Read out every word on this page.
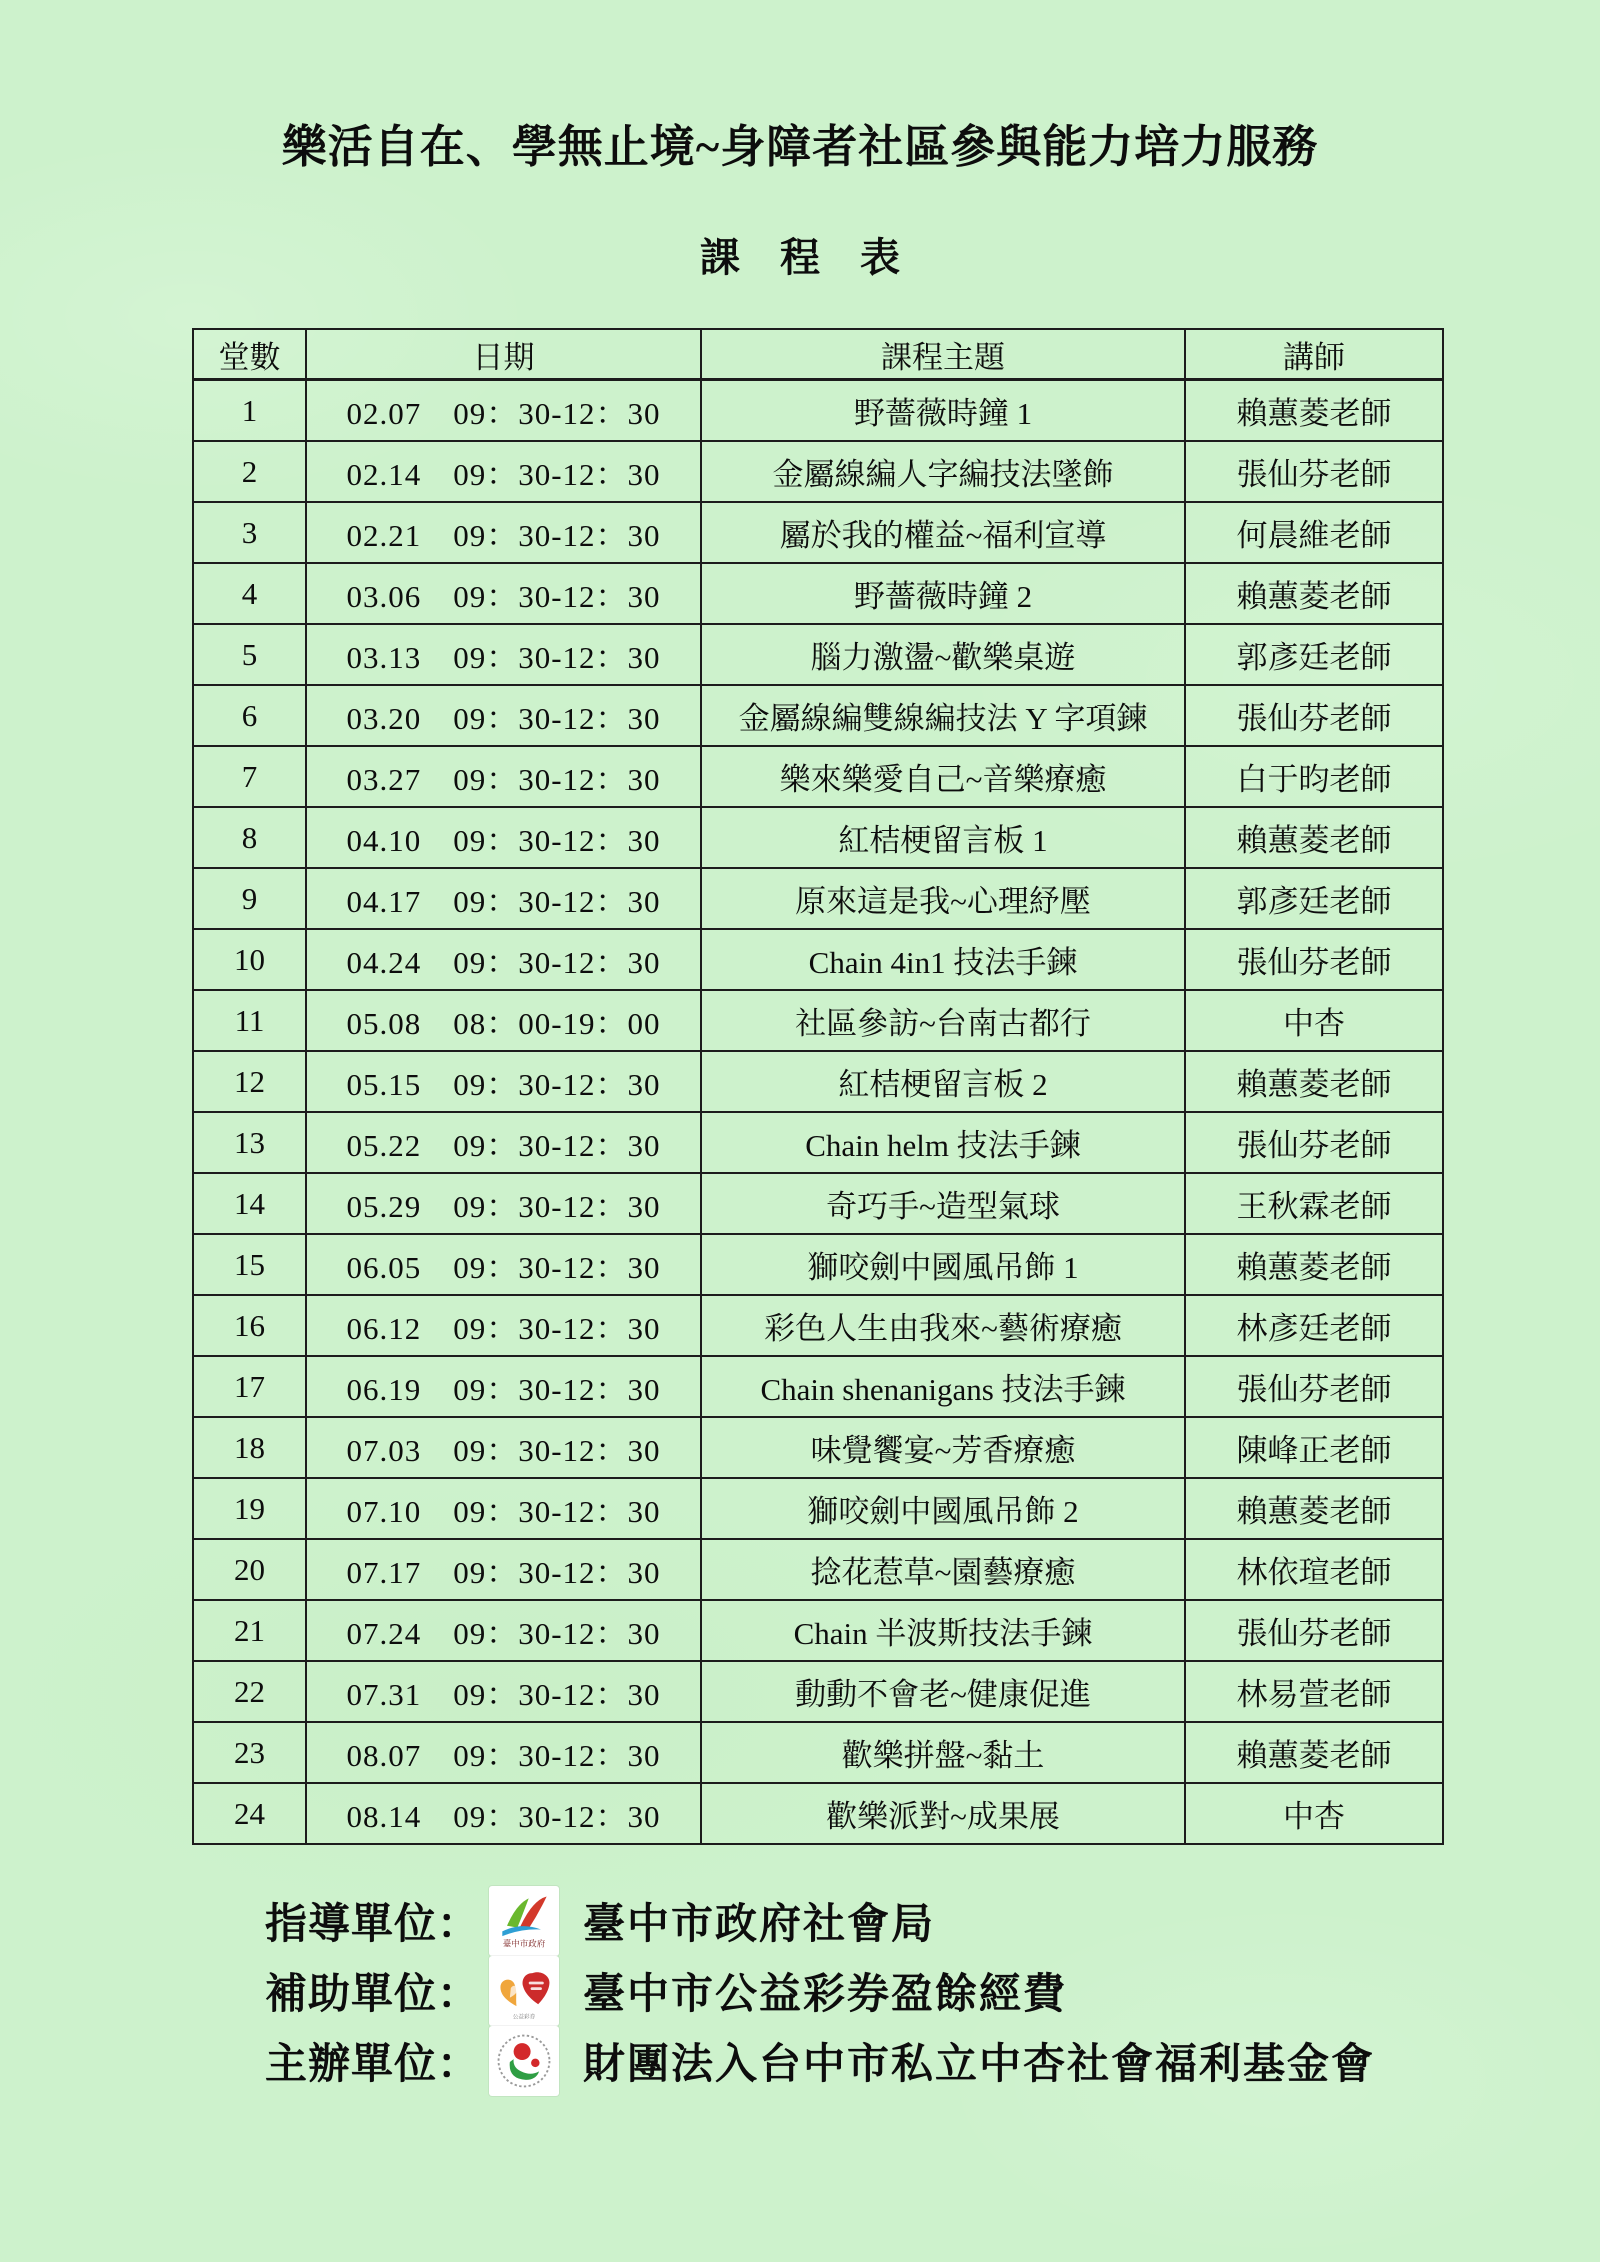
樂活自在、學無止境~身障者社區參與能力培力服務
課　程　表
堂數	日期	課程主題	講師
1	02.07　09：30-12：30	野薔薇時鐘 1	賴蕙菱老師
2	02.14　09：30-12：30	金屬線編人字編技法墜飾	張仙芬老師
3	02.21　09：30-12：30	屬於我的權益~福利宣導	何晨維老師
4	03.06　09：30-12：30	野薔薇時鐘 2	賴蕙菱老師
5	03.13　09：30-12：30	腦力激盪~歡樂桌遊	郭彥廷老師
6	03.20　09：30-12：30	金屬線編雙線編技法 Y 字項鍊	張仙芬老師
7	03.27　09：30-12：30	樂來樂愛自己~音樂療癒	白于昀老師
8	04.10　09：30-12：30	紅桔梗留言板 1	賴蕙菱老師
9	04.17　09：30-12：30	原來這是我~心理紓壓	郭彥廷老師
10	04.24　09：30-12：30	Chain 4in1 技法手鍊	張仙芬老師
11	05.08　08：00-19：00	社區參訪~台南古都行	中杏
12	05.15　09：30-12：30	紅桔梗留言板 2	賴蕙菱老師
13	05.22　09：30-12：30	Chain helm 技法手鍊	張仙芬老師
14	05.29　09：30-12：30	奇巧手~造型氣球	王秋霖老師
15	06.05　09：30-12：30	獅咬劍中國風吊飾 1	賴蕙菱老師
16	06.12　09：30-12：30	彩色人生由我來~藝術療癒	林彥廷老師
17	06.19　09：30-12：30	Chain shenanigans 技法手鍊	張仙芬老師
18	07.03　09：30-12：30	味覺饗宴~芳香療癒	陳峰正老師
19	07.10　09：30-12：30	獅咬劍中國風吊飾 2	賴蕙菱老師
20	07.17　09：30-12：30	捻花惹草~園藝療癒	林依瑄老師
21	07.24　09：30-12：30	Chain 半波斯技法手鍊	張仙芬老師
22	07.31　09：30-12：30	動動不會老~健康促進	林易萱老師
23	08.07　09：30-12：30	歡樂拼盤~黏土	賴蕙菱老師
24	08.14　09：30-12：30	歡樂派對~成果展	中杏
指導單位：	臺中市政府 臺中市政府社會局
補助單位：	公益彩券 臺中市公益彩券盈餘經費
主辦單位： 財團法入台中市私立中杏社會福利基金會
